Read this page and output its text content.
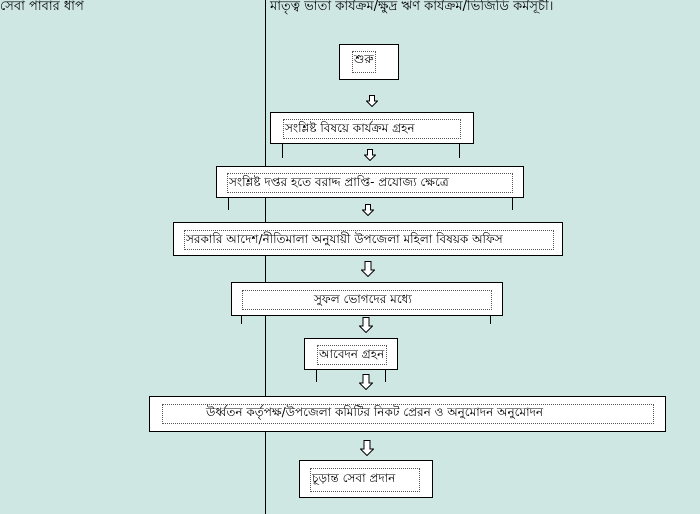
সেবা পাবার ধাপ	মাতৃত্ব ভাতা কার্যক্রম/ক্ষুদ্র ঋণ কার্যক্রম/ভিজিডি কর্মসূচী।
শুরু
সংশ্লিষ্ট বিষয়ে কার্যক্রম গ্রহন
সংশ্লিষ্ট দপ্তর হতে বরাদ্দ প্রাপ্তি- প্রযোজ্য ক্ষেত্রে
সরকারি আদেশ/নীতিমালা অনুযায়ী উপজেলা মহিলা বিষয়ক অফিস
সুফল ভোগদের মধ্যে
আবেদন গ্রহন
উর্ধ্বতন কর্তৃপক্ষ/উপজেলা কমিটির নিকট প্রেরন ও অনুমোদন অনুমোদন
চূড়ান্ত সেবা প্রদান
